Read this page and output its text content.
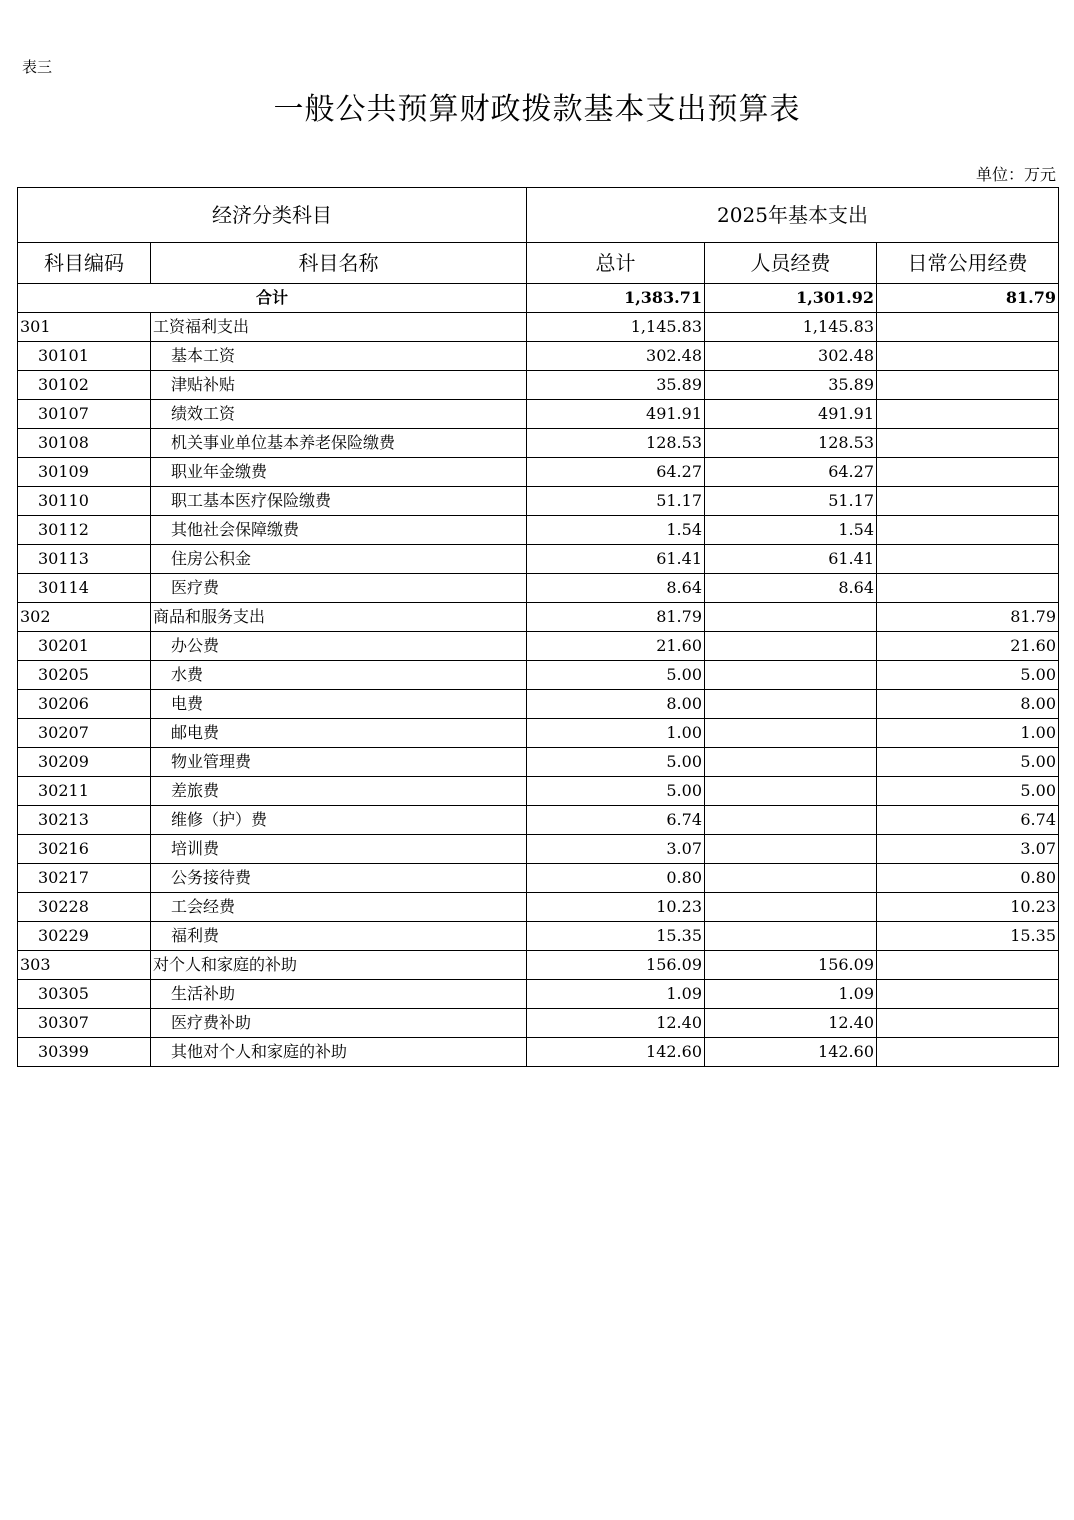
表三
一般公共预算财政拨款基本支出预算表
单位：万元
经济分类科目		2025年基本支出		
科目编码	科目名称	总计	人员经费	日常公用经费
合计		1,383.71	1,301.92	81.79
301	工资福利支出	1,145.83	1,145.83	
30101	基本工资	302.48	302.48	
30102	津贴补贴	35.89	35.89	
30107	绩效工资	491.91	491.91	
30108	机关事业单位基本养老保险缴费	128.53	128.53	
30109	职业年金缴费	64.27	64.27	
30110	职工基本医疗保险缴费	51.17	51.17	
30112	其他社会保障缴费	1.54	1.54	
30113	住房公积金	61.41	61.41	
30114	医疗费	8.64	8.64	
302	商品和服务支出	81.79		81.79
30201	办公费	21.60		21.60
30205	水费	5.00		5.00
30206	电费	8.00		8.00
30207	邮电费	1.00		1.00
30209	物业管理费	5.00		5.00
30211	差旅费	5.00		5.00
30213	维修（护）费	6.74		6.74
30216	培训费	3.07		3.07
30217	公务接待费	0.80		0.80
30228	工会经费	10.23		10.23
30229	福利费	15.35		15.35
303	对个人和家庭的补助	156.09	156.09	
30305	生活补助	1.09	1.09	
30307	医疗费补助	12.40	12.40	
30399	其他对个人和家庭的补助	142.60	142.60	
